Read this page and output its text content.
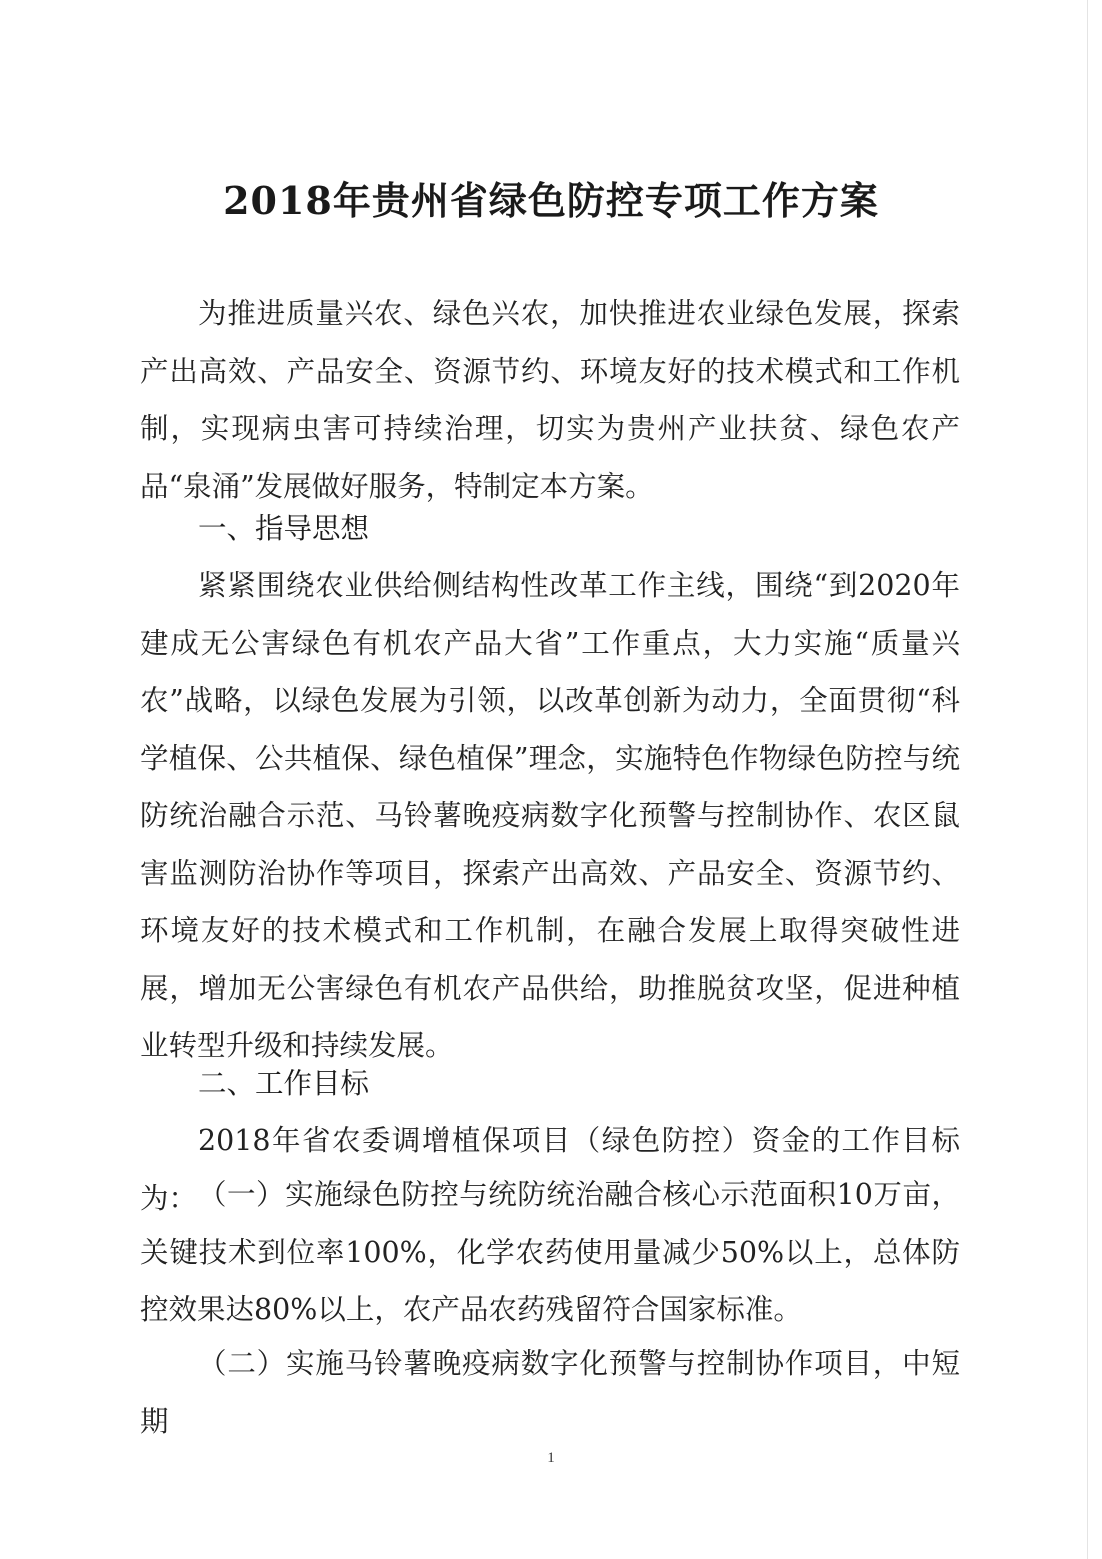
2018年贵州省绿色防控专项工作方案

为推进质量兴农、绿色兴农，加快推进农业绿色发展，探索产出高效、产品安全、资源节约、环境友好的技术模式和工作机制，实现病虫害可持续治理，切实为贵州产业扶贫、绿色农产品“泉涌”发展做好服务，特制定本方案。

一、指导思想

紧紧围绕农业供给侧结构性改革工作主线，围绕“到2020年建成无公害绿色有机农产品大省”工作重点，大力实施“质量兴农”战略，以绿色发展为引领，以改革创新为动力，全面贯彻“科学植保、公共植保、绿色植保”理念，实施特色作物绿色防控与统防统治融合示范、马铃薯晚疫病数字化预警与控制协作、农区鼠害监测防治协作等项目，探索产出高效、产品安全、资源节约、环境友好的技术模式和工作机制，在融合发展上取得突破性进展，增加无公害绿色有机农产品供给，助推脱贫攻坚，促进种植业转型升级和持续发展。

二、工作目标

2018年省农委调增植保项目（绿色防控）资金的工作目标为： （一）实施绿色防控与统防统治融合核心示范面积10万亩，关键技术到位率100%，化学农药使用量减少50%以上，总体防控效果达80%以上，农产品农药残留符合国家标准。

（二）实施马铃薯晚疫病数字化预警与控制协作项目，中短期

1
